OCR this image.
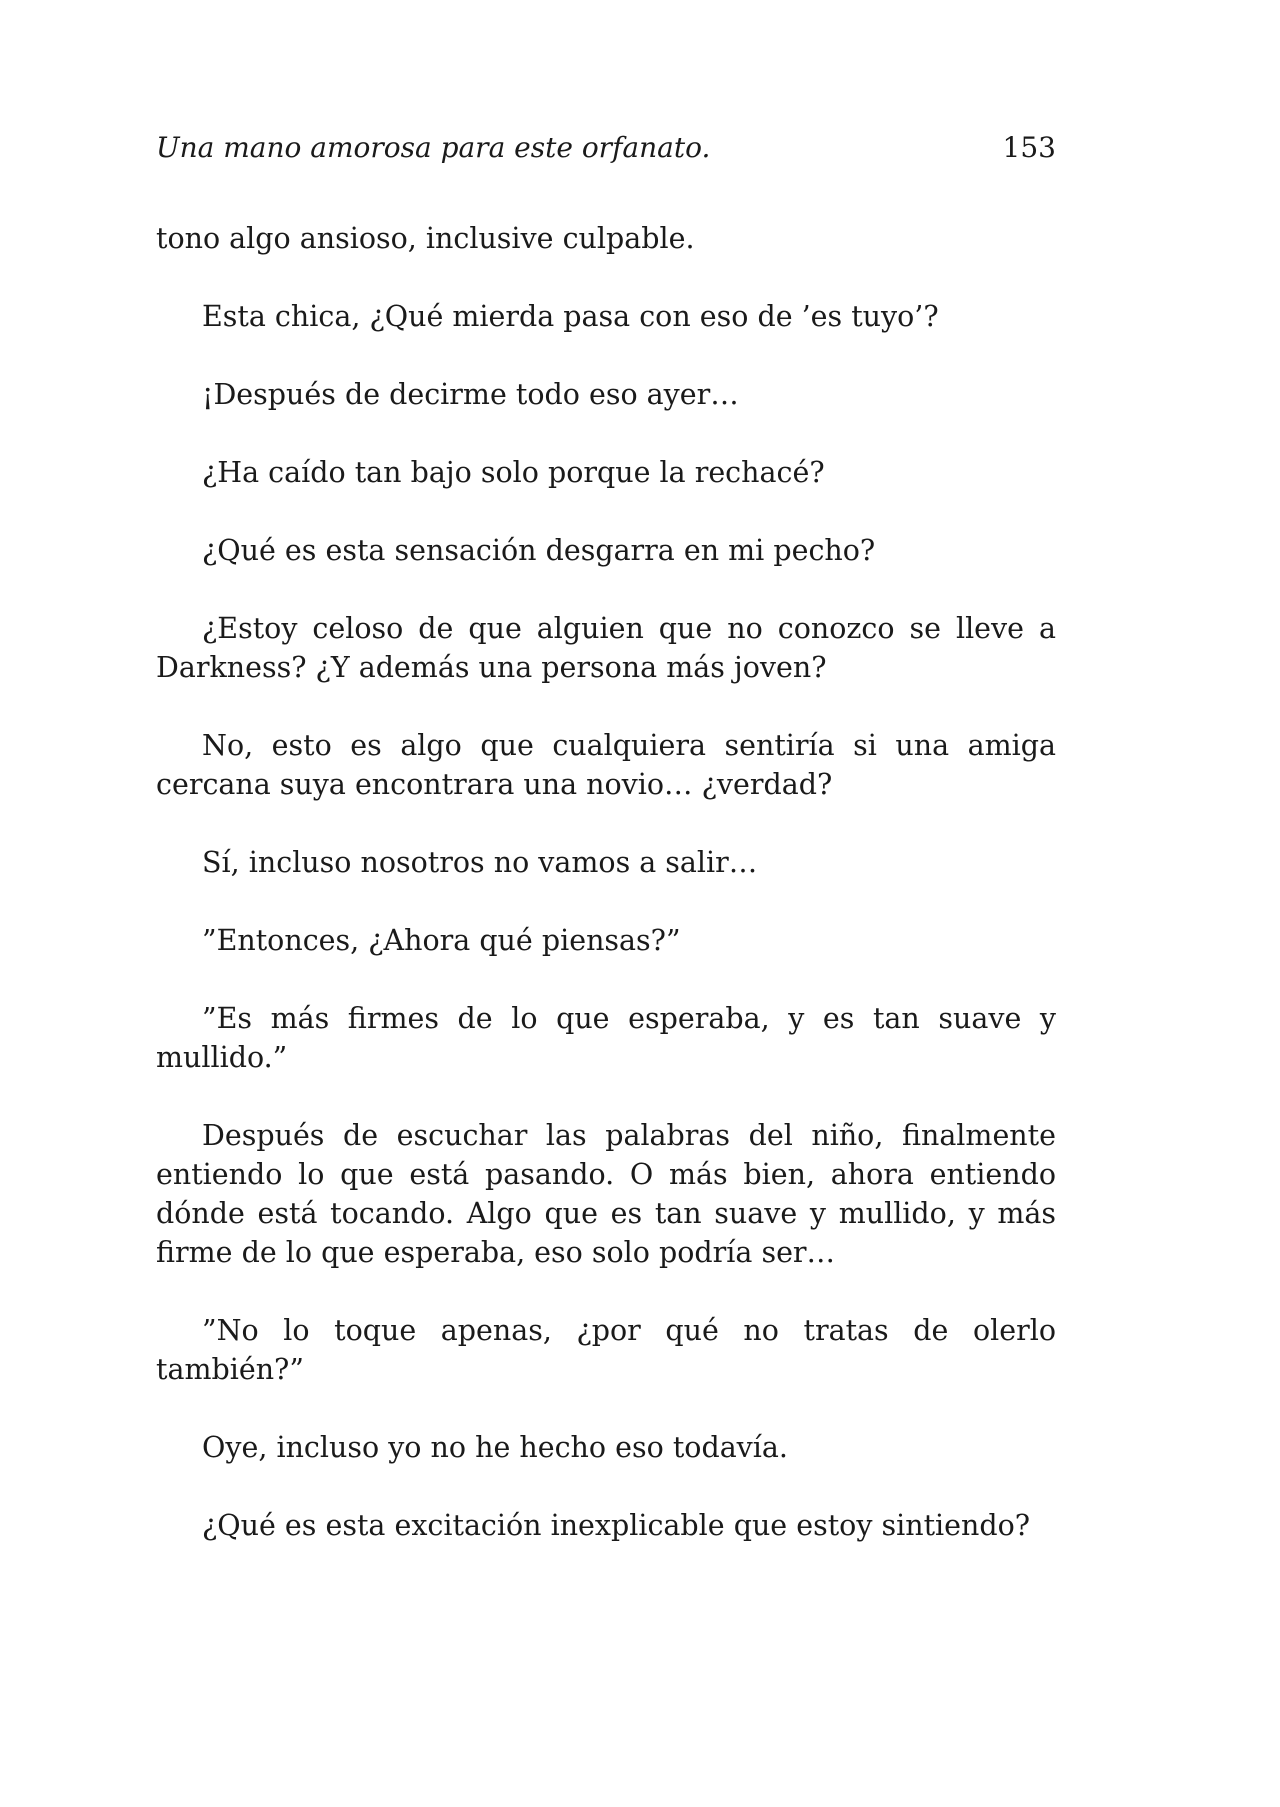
Una mano amorosa para este orfanato.	153

tono algo ansioso, inclusive culpable.

Esta chica, ¿Qué mierda pasa con eso de ’es tuyo’?

¡Después de decirme todo eso ayer…

¿Ha caído tan bajo solo porque la rechacé?

¿Qué es esta sensación desgarra en mi pecho?

¿Estoy celoso de que alguien que no conozco se lleve a Darkness? ¿Y además una persona más joven?

No, esto es algo que cualquiera sentiría si una amiga cercana suya encontrara una novio… ¿verdad?

Sí, incluso nosotros no vamos a salir…

”Entonces, ¿Ahora qué piensas?”

”Es más firmes de lo que esperaba, y es tan suave y mullido.”

Después de escuchar las palabras del niño, finalmente entiendo lo que está pasando. O más bien, ahora entiendo dónde está tocando. Algo que es tan suave y mullido, y más firme de lo que esperaba, eso solo podría ser…

”No lo toque apenas, ¿por qué no tratas de olerlo también?”

Oye, incluso yo no he hecho eso todavía.

¿Qué es esta excitación inexplicable que estoy sintiendo?
